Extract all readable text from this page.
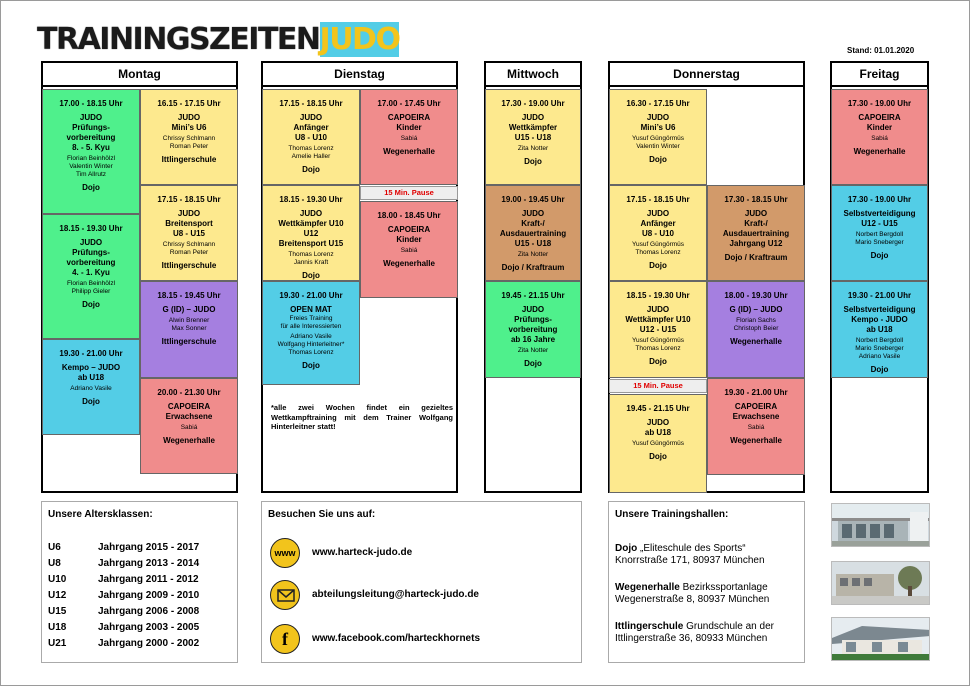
TRAININGSZEITENJUDO	Stand: 01.01.2020
Montag
17.00 - 18.15 Uhr
JUDO
Prüfungs-
vorbereitung
8. - 5. Kyu
Florian Beinhölzl
Valentin Winter
Tim Allrutz
Dojo
18.15 - 19.30 Uhr
JUDO
Prüfungs-
vorbereitung
4. - 1. Kyu
Florian Beinhölzl
Philipp Gieler
Dojo
19.30 - 21.00 Uhr
Kempo – JUDO
ab U18
Adriano Vasile
Dojo
16.15 - 17.15 Uhr
JUDO
Mini’s U6
Chrissy Schlmann
Roman Peter
Ittlingerschule
17.15 - 18.15 Uhr
JUDO
Breitensport
U8 - U15
Chrissy Schlmann
Roman Peter
Ittlingerschule
18.15 - 19.45 Uhr
G (ID) – JUDO
Alwin Brenner
Max Sonner
Ittlingerschule
20.00 - 21.30 Uhr
CAPOEIRA
Erwachsene
Sabiá
Wegenerhalle
Dienstag
17.15 - 18.15 Uhr
JUDO
Anfänger
U8 - U10
Thomas Lorenz
Amelie Haller
Dojo
18.15 - 19.30 Uhr
JUDO
Wettkämpfer U10
U12
Breitensport U15
Thomas Lorenz
Jannis Kraft
Dojo
19.30 - 21.00 Uhr
OPEN MAT
Freies Training
für alle Interessierten
Adriano Vasile
Wolfgang Hinterleitner*
Thomas Lorenz
Dojo
17.00 - 17.45 Uhr
CAPOEIRA
Kinder
Sabiá
Wegenerhalle
15 Min. Pause
18.00 - 18.45 Uhr
CAPOEIRA
Kinder
Sabiá
Wegenerhalle
*alle zwei Wochen findet ein gezieltes Wettkampftraining mit dem Trainer Wolfgang Hinterleitner statt!
Mittwoch
17.30 - 19.00 Uhr
JUDO
Wettkämpfer
U15 - U18
Zita Notter
Dojo
19.00 - 19.45 Uhr
JUDO
Kraft-/
Ausdauertraining
U15 - U18
Zita Notter
Dojo / Kraftraum
19.45 - 21.15 Uhr
JUDO
Prüfungs-
vorbereitung
ab 16 Jahre
Zita Notter
Dojo
Donnerstag
16.30 - 17.15 Uhr
JUDO
Mini’s U6
Yusuf Güngörmüs
Valentin Winter
Dojo
17.15 - 18.15 Uhr
JUDO
Anfänger
U8 - U10
Yusuf Güngörmüs
Thomas Lorenz
Dojo
18.15 - 19.30 Uhr
JUDO
Wettkämpfer U10
U12 - U15
Yusuf Güngörmüs
Thomas Lorenz
Dojo
15 Min. Pause
19.45 - 21.15 Uhr
JUDO
ab U18
Yusuf Güngörmüs
Dojo
17.30 - 18.15 Uhr
JUDO
Kraft-/
Ausdauertraining
Jahrgang U12
Dojo / Kraftraum
18.00 - 19.30 Uhr
G (ID) – JUDO
Florian Sachs
Christoph Beier
Wegenerhalle
19.30 - 21.00 Uhr
CAPOEIRA
Erwachsene
Sabiá
Wegenerhalle
Freitag
17.30 - 19.00 Uhr
CAPOEIRA
Kinder
Sabiá
Wegenerhalle
17.30 - 19.00 Uhr
Selbstverteidigung
U12 - U15
Norbert Bergdoll
Mario Sneberger
Dojo
19.30 - 21.00 Uhr
Selbstverteidigung
Kempo - JUDO
ab U18
Norbert Bergdoll
Mario Sneberger
Adriano Vasile
Dojo
Unsere Altersklassen:
U6	Jahrgang 2015 - 2017
U8	Jahrgang 2013 - 2014
U10	Jahrgang 2011 - 2012
U12	Jahrgang 2009 - 2010
U15	Jahrgang 2006 - 2008
U18	Jahrgang 2003 - 2005
U21	Jahrgang 2000 - 2002
Besuchen Sie uns auf:
www	www.harteck-judo.de
abteilungsleitung@harteck-judo.de
f	www.facebook.com/harteckhornets
Unsere Trainingshallen:
Dojo „Eliteschule des Sports“
Knorrstraße 171, 80937 München
Wegenerhalle Bezirkssportanlage
Wegenerstraße 8, 80937 München
Ittlingerschule Grundschule an der
Ittlingerstraße 36, 80933 München
